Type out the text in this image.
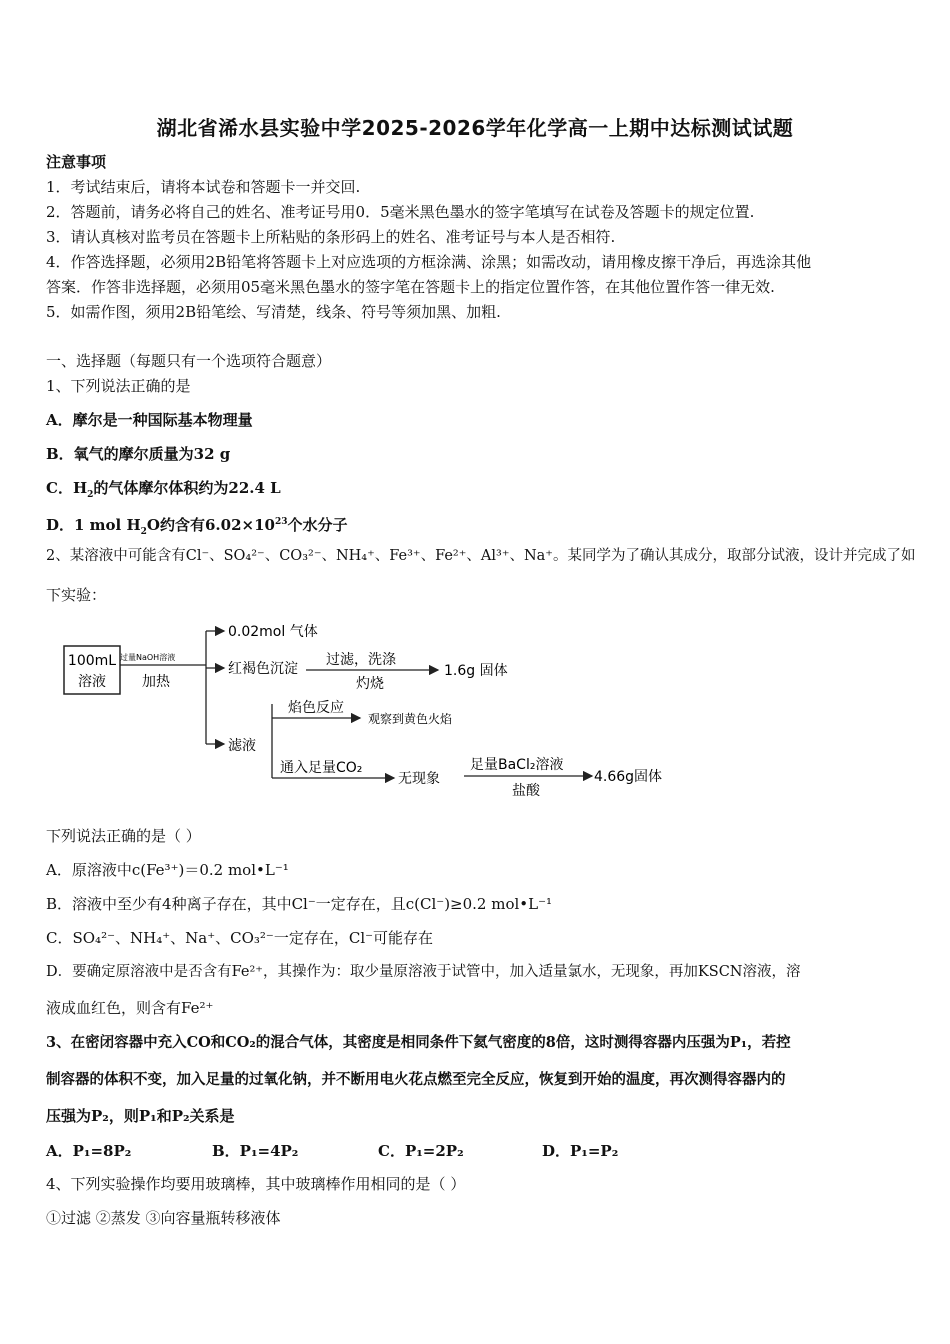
湖北省浠水县实验中学2025-2026学年化学高一上期中达标测试试题
注意事项
1．考试结束后，请将本试卷和答题卡一并交回.
2．答题前，请务必将自己的姓名、准考证号用0．5毫米黑色墨水的签字笔填写在试卷及答题卡的规定位置.
3．请认真核对监考员在答题卡上所粘贴的条形码上的姓名、准考证号与本人是否相符.
4．作答选择题，必须用2B铅笔将答题卡上对应选项的方框涂满、涂黑；如需改动，请用橡皮擦干净后，再选涂其他
答案．作答非选择题，必须用05毫米黑色墨水的签字笔在答题卡上的指定位置作答，在其他位置作答一律无效.
5．如需作图，须用2B铅笔绘、写清楚，线条、符号等须加黑、加粗.
一、选择题（每题只有一个选项符合题意）
1、下列说法正确的是
A．摩尔是一种国际基本物理量
B．氧气的摩尔质量为32 g
C．$H_2$的气体摩尔体积约为22.4 L
D．1 mol $H_2O$约含有$6.02\times 10^{23}$个水分子
2、某溶液中可能含有Cl⁻、SO₄²⁻、CO₃²⁻、NH₄⁺、Fe³⁺、Fe²⁺、Al³⁺、Na⁺。某同学为了确认其成分，取部分试液，设计并完成了如
下实验：
100mL
溶液
过量NaOH溶液
加热
0.02mol 气体
红褐色沉淀
过滤，洗涤
灼烧
1.6g 固体
滤液
焰色反应
观察到黄色火焰
通入足量CO₂
无现象
足量BaCl₂溶液
盐酸
4.66g固体
下列说法正确的是（ ）
A．原溶液中c(Fe³⁺)＝0.2 mol•L⁻¹
B．溶液中至少有4种离子存在，其中Cl⁻一定存在，且c(Cl⁻)≥0.2 mol•L⁻¹
C．SO₄²⁻、NH₄⁺、Na⁺、CO₃²⁻一定存在，Cl⁻可能存在
D．要确定原溶液中是否含有Fe²⁺，其操作为：取少量原溶液于试管中，加入适量氯水，无现象，再加KSCN溶液，溶
液成血红色，则含有Fe²⁺
3、在密闭容器中充入CO和CO₂的混合气体，其密度是相同条件下氦气密度的8倍，这时测得容器内压强为P₁，若控
制容器的体积不变，加入足量的过氧化钠，并不断用电火花点燃至完全反应，恢复到开始的温度，再次测得容器内的
压强为P₂，则P₁和P₂关系是
A．P₁=8P₂	B．P₁=4P₂	C．P₁=2P₂	D．P₁=P₂
4、下列实验操作均要用玻璃棒，其中玻璃棒作用相同的是（ ）
①过滤 ②蒸发 ③向容量瓶转移液体
